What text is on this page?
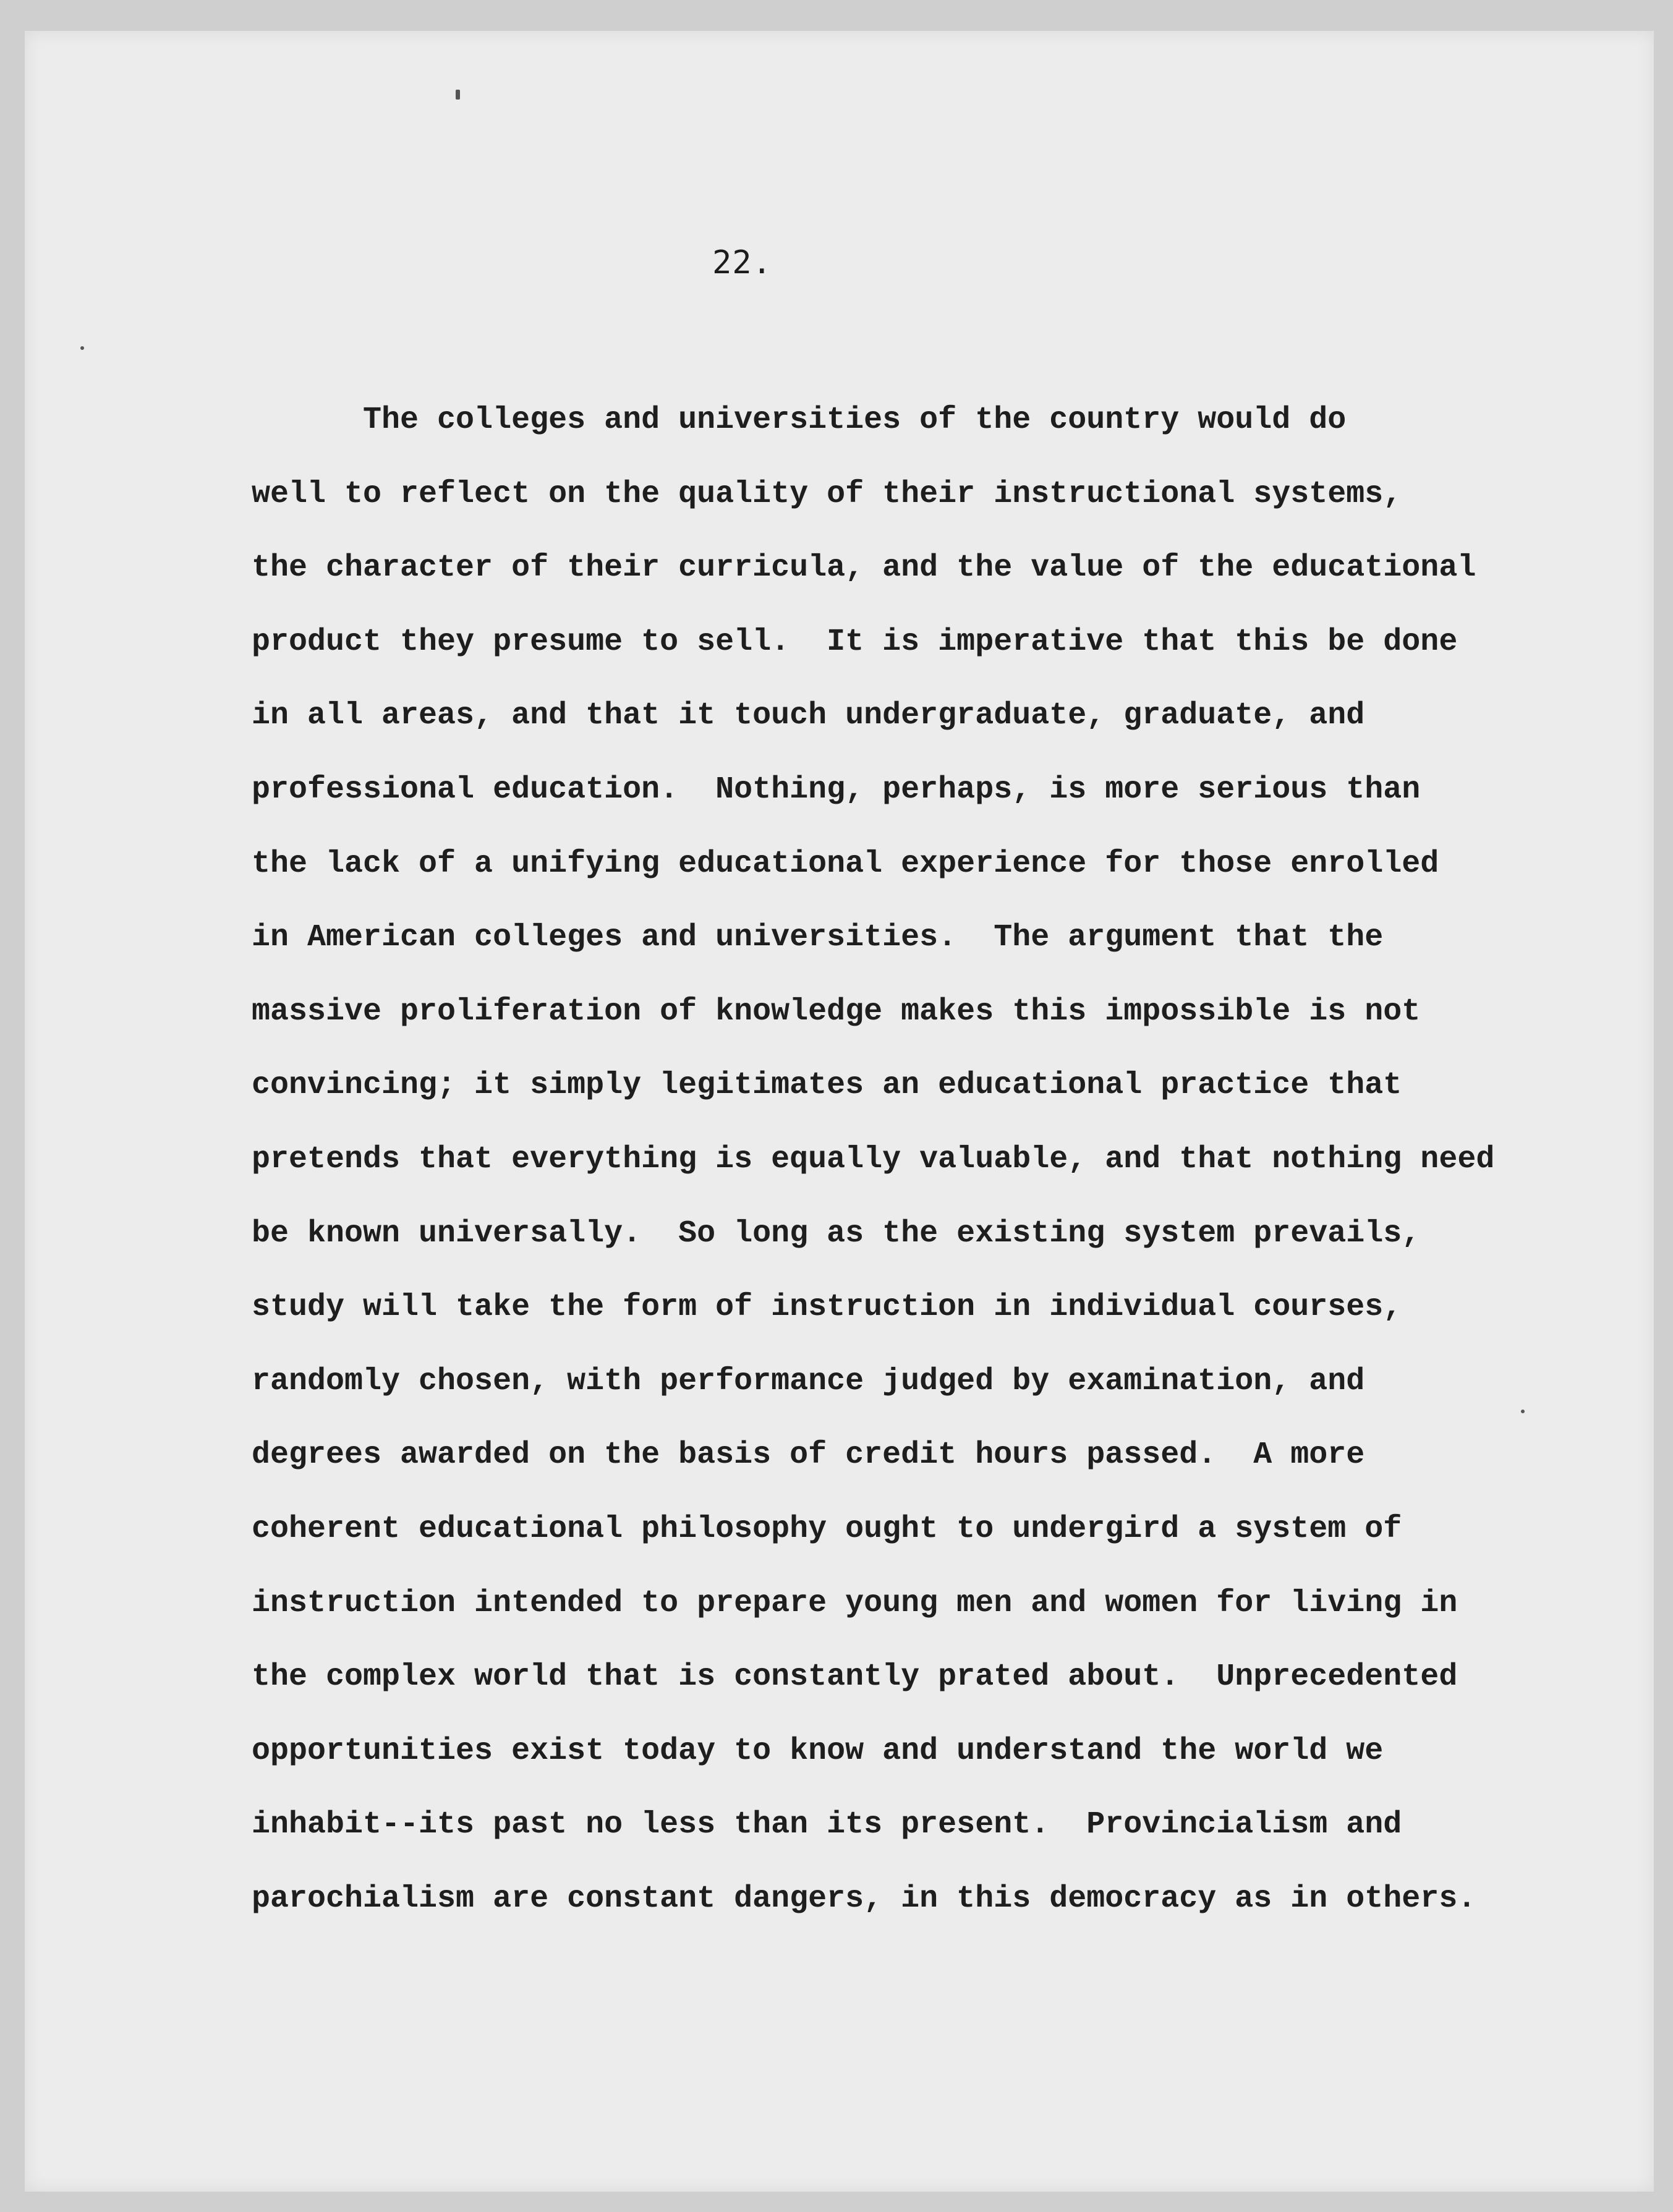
22.

The colleges and universities of the country would do
well to reflect on the quality of their instructional systems,
the character of their curricula, and the value of the educational
product they presume to sell.  It is imperative that this be done
in all areas, and that it touch undergraduate, graduate, and
professional education.  Nothing, perhaps, is more serious than
the lack of a unifying educational experience for those enrolled
in American colleges and universities.  The argument that the
massive proliferation of knowledge makes this impossible is not
convincing; it simply legitimates an educational practice that
pretends that everything is equally valuable, and that nothing need
be known universally.  So long as the existing system prevails,
study will take the form of instruction in individual courses,
randomly chosen, with performance judged by examination, and
degrees awarded on the basis of credit hours passed.  A more
coherent educational philosophy ought to undergird a system of
instruction intended to prepare young men and women for living in
the complex world that is constantly prated about.  Unprecedented
opportunities exist today to know and understand the world we
inhabit--its past no less than its present.  Provincialism and
parochialism are constant dangers, in this democracy as in others.
